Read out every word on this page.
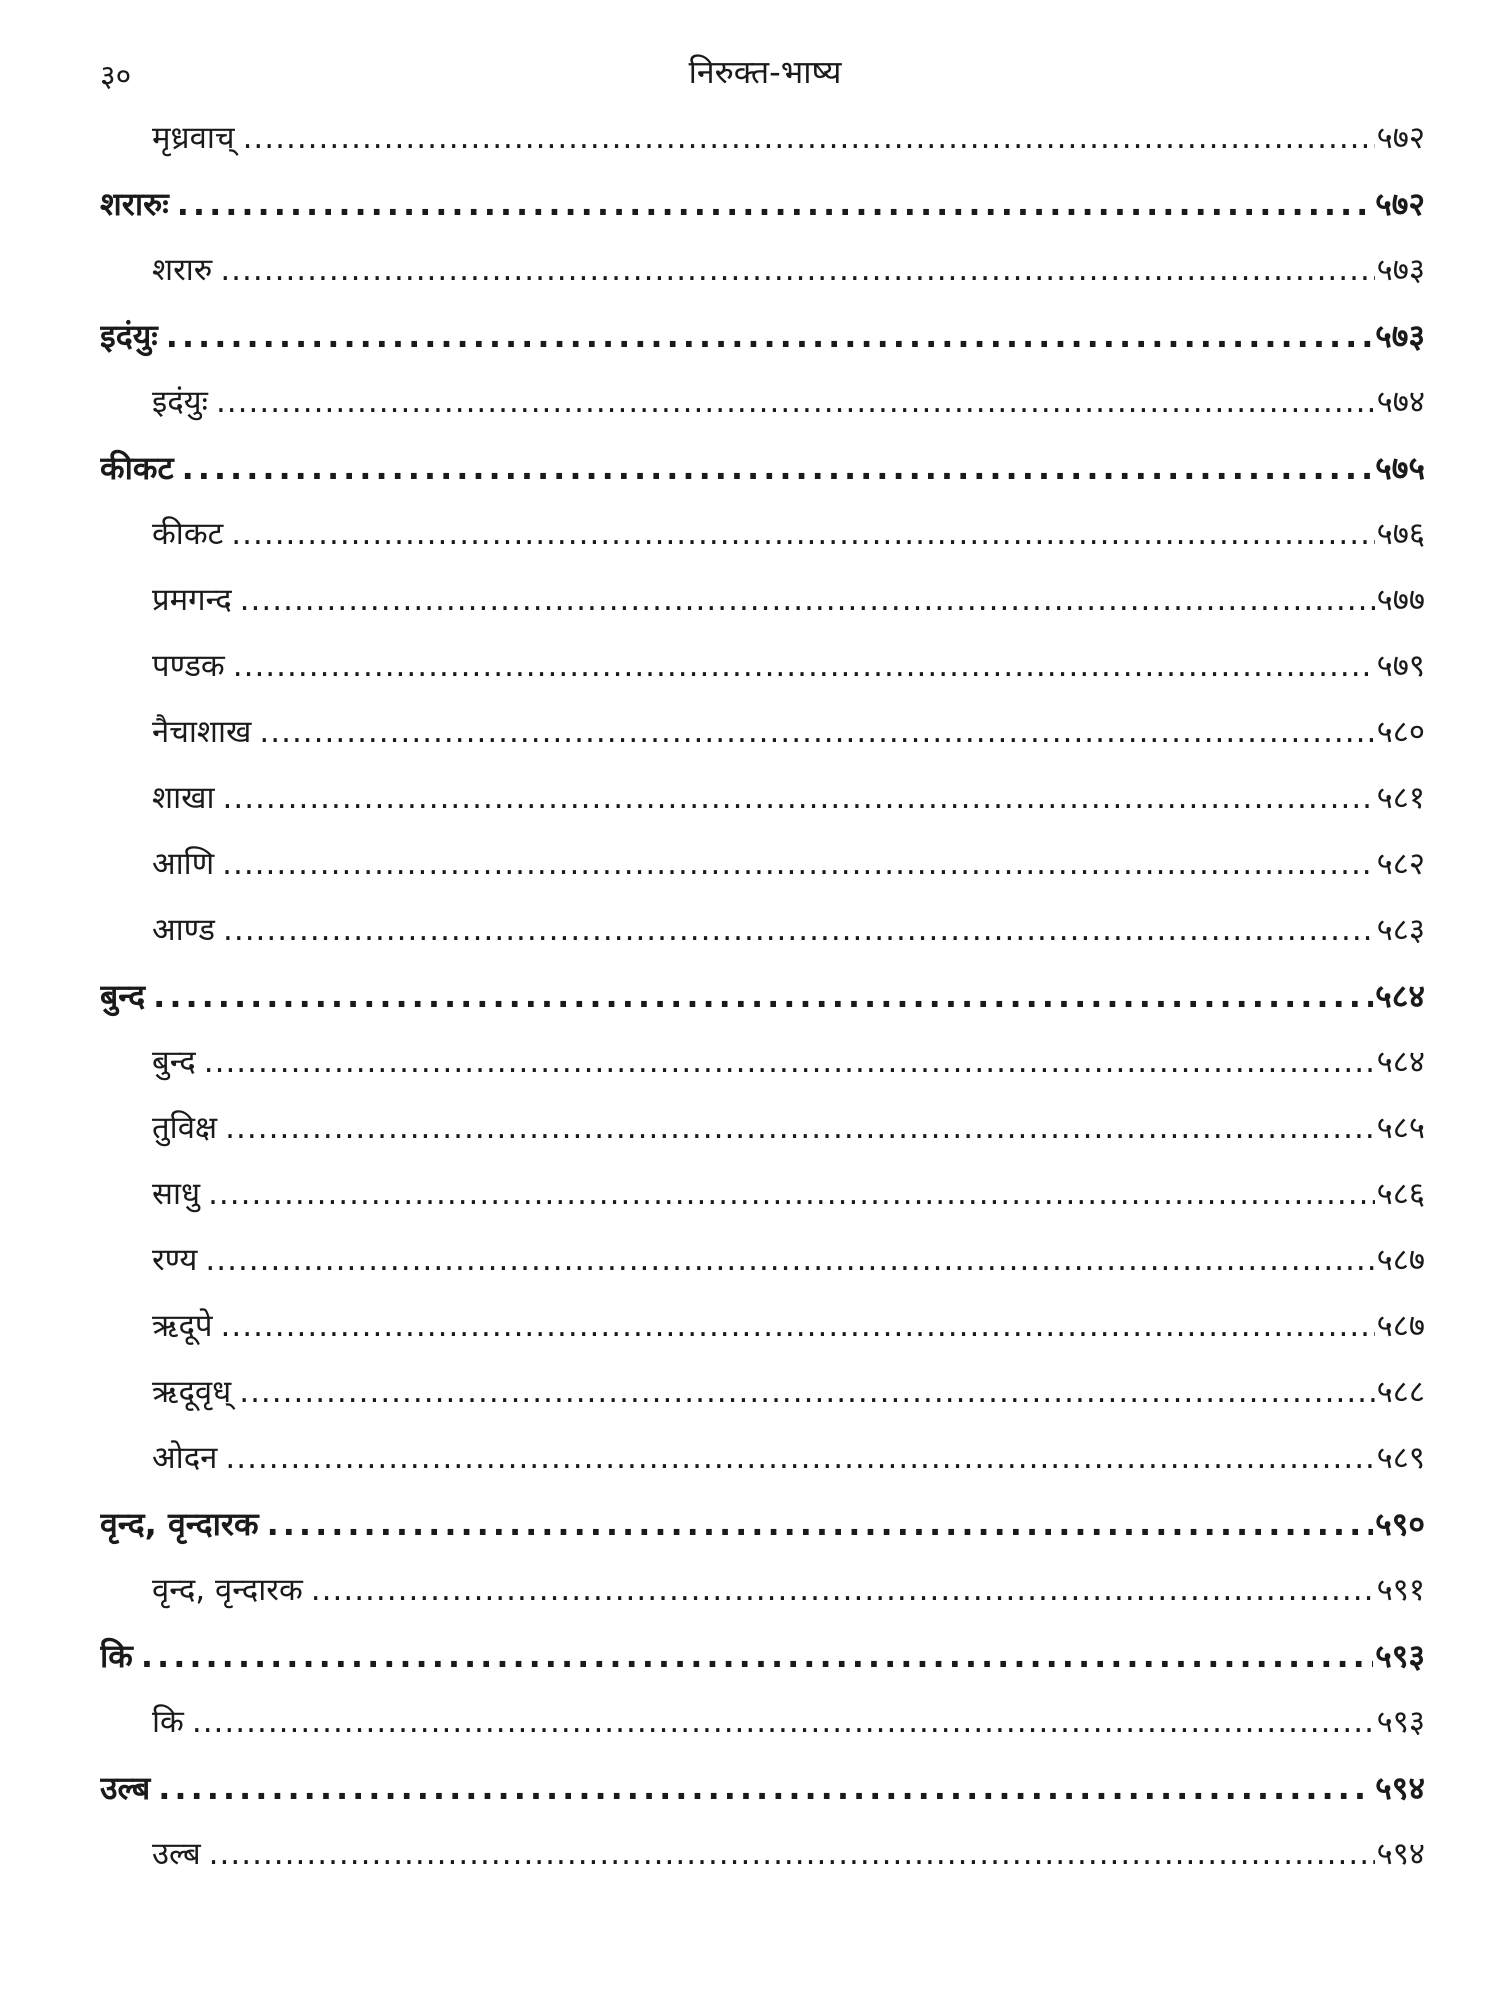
३०	निरुक्त-भाष्य
मृध्रवाच् .....	५७२
शरारुः .....	५७२
शरारु .....	५७३
इदंयुः .....	५७३
इदंयुः .....	५७४
कीकट .....	५७५
कीकट .....	५७६
प्रमगन्द .....	५७७
पण्डक .....	५७९
नैचाशाख .....	५८०
शाखा .....	५८१
आणि .....	५८२
आण्ड .....	५८३
बुन्द .....	५८४
बुन्द .....	५८४
तुविक्ष .....	५८५
साधु .....	५८६
रण्य .....	५८७
ऋदूपे .....	५८७
ऋदूवृध् .....	५८८
ओदन .....	५८९
वृन्द, वृन्दारक .....	५९०
वृन्द, वृन्दारक .....	५९१
कि .....	५९३
कि .....	५९३
उल्ब .....	५९४
उल्ब .....	५९४
